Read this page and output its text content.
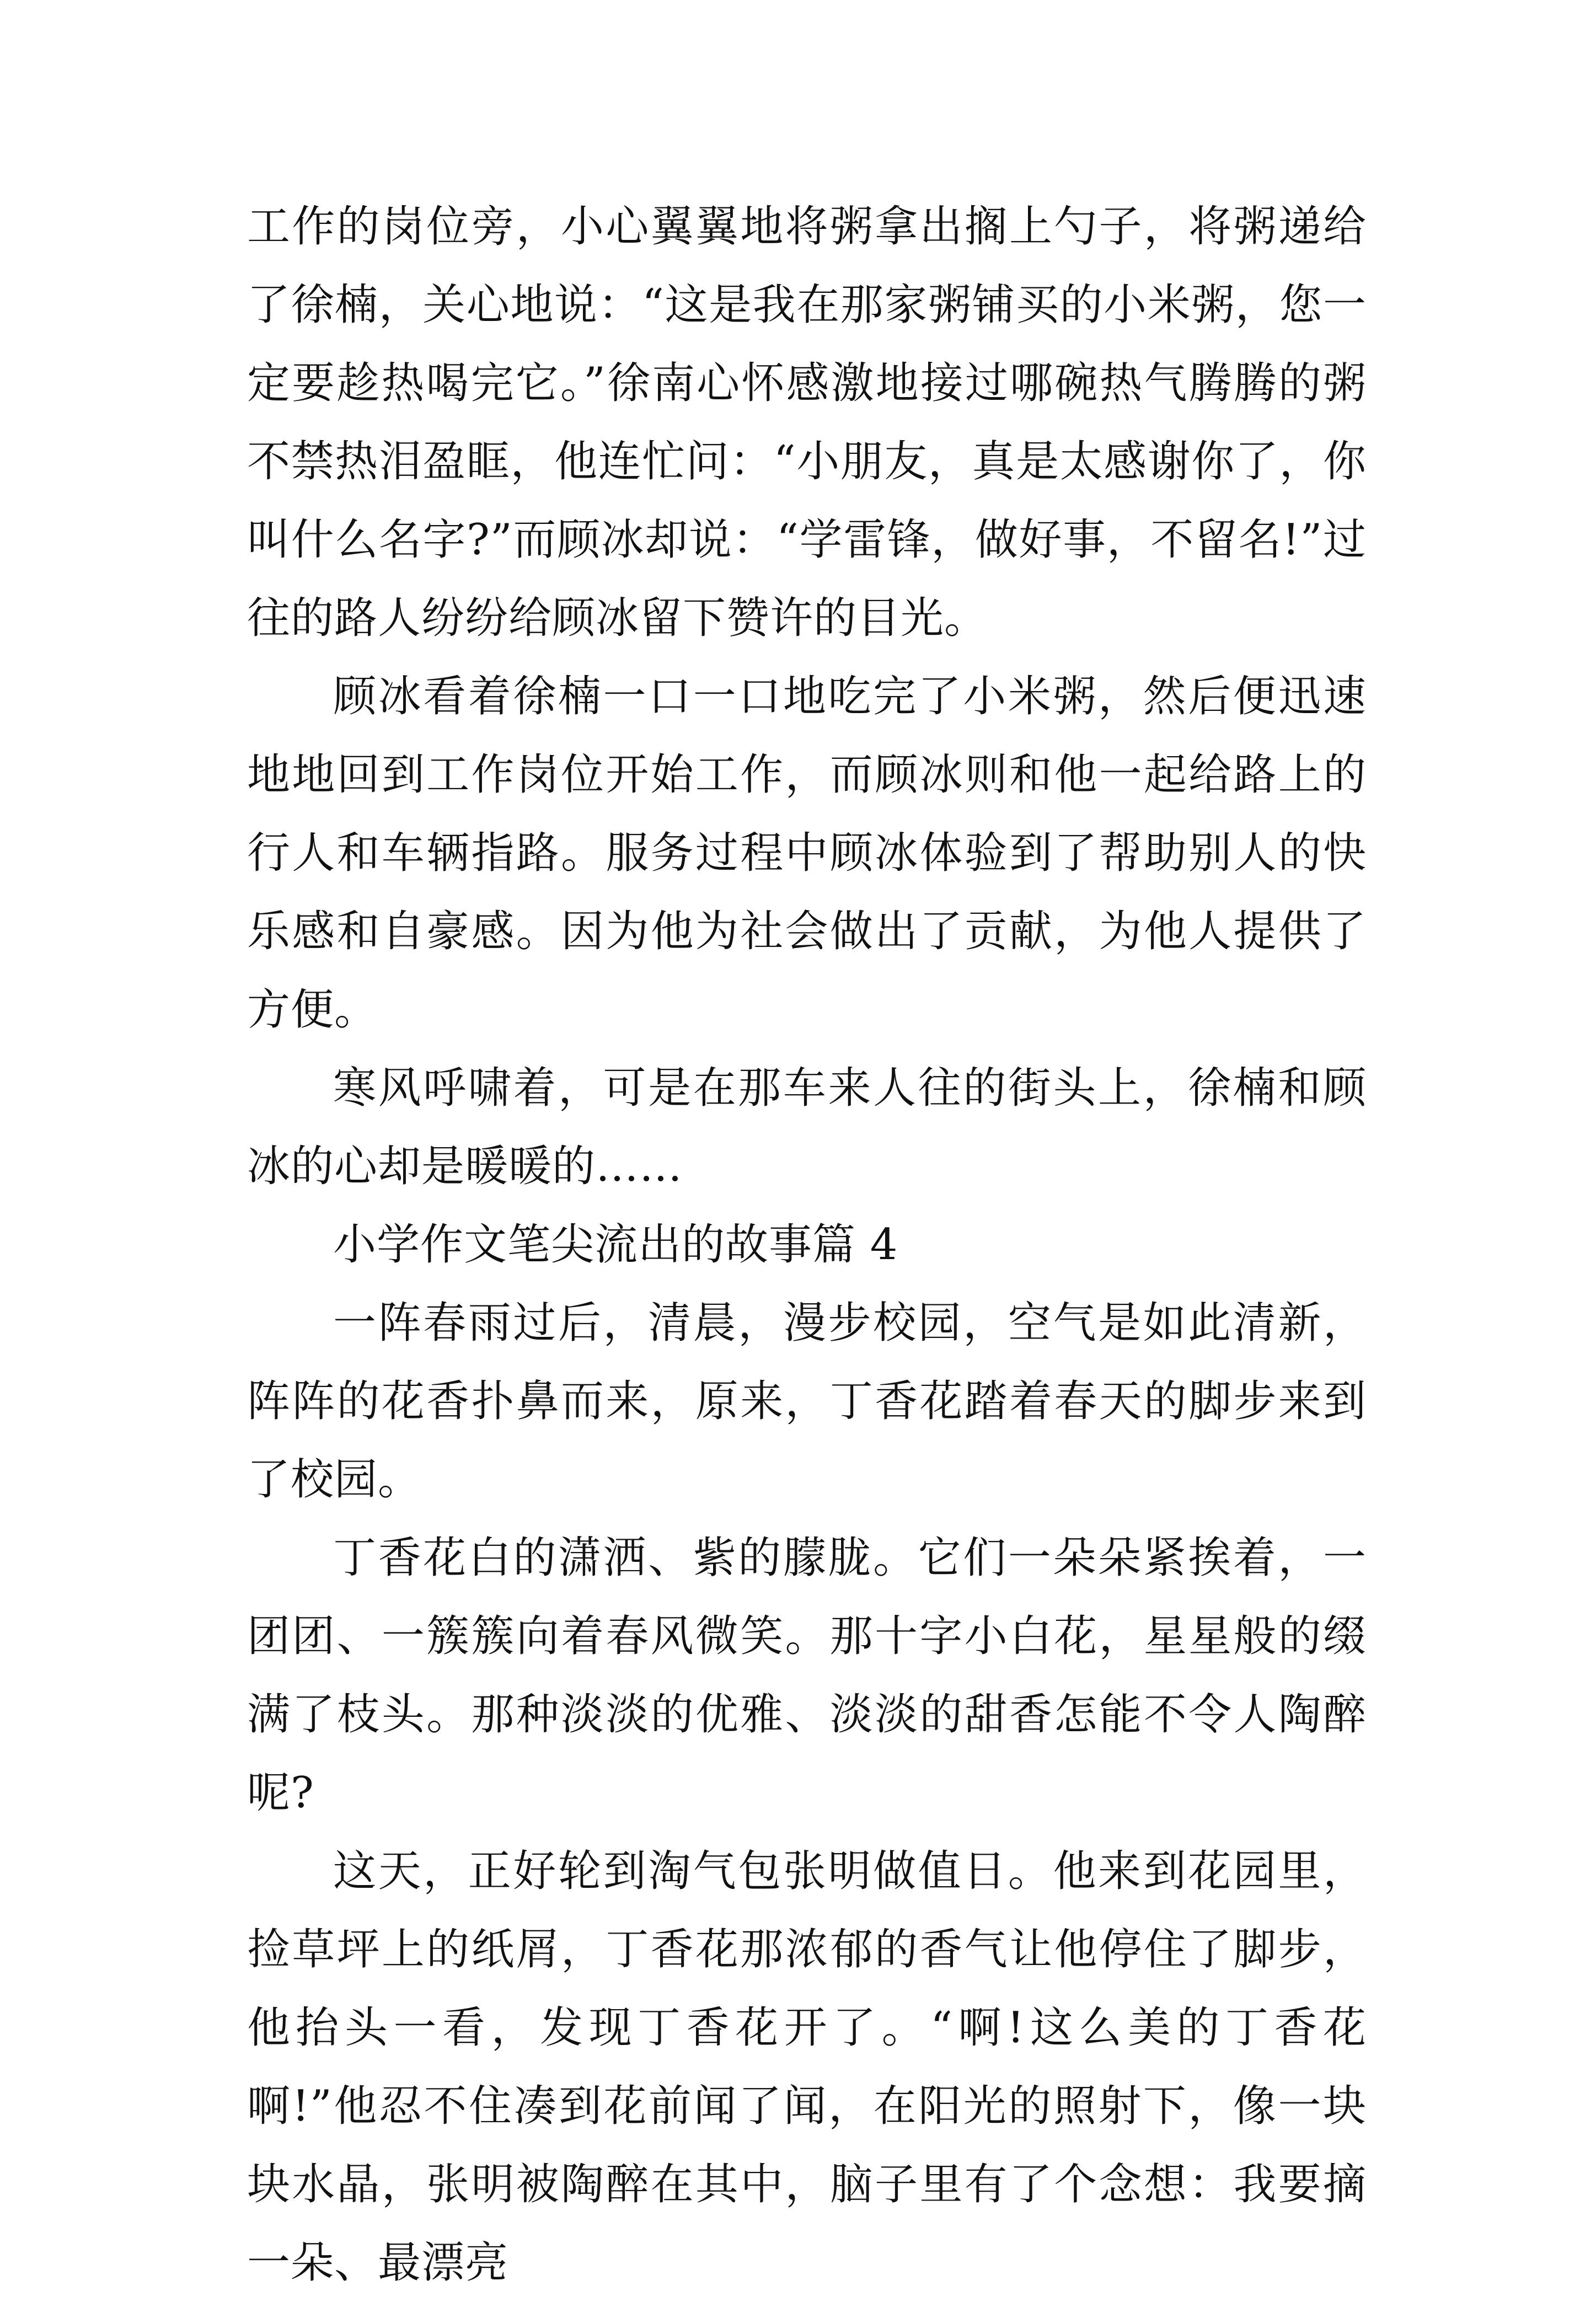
工作的岗位旁，小心翼翼地将粥拿出搁上勺子，将粥递给了徐楠，关心地说：“这是我在那家粥铺买的小米粥，您一定要趁热喝完它。”徐南心怀感激地接过哪碗热气腾腾的粥不禁热泪盈眶，他连忙问：“小朋友，真是太感谢你了，你叫什么名字?”而顾冰却说：“学雷锋，做好事，不留名!”过往的路人纷纷给顾冰留下赞许的目光。

顾冰看着徐楠一口一口地吃完了小米粥，然后便迅速地地回到工作岗位开始工作，而顾冰则和他一起给路上的行人和车辆指路。服务过程中顾冰体验到了帮助别人的快乐感和自豪感。因为他为社会做出了贡献，为他人提供了方便。

寒风呼啸着，可是在那车来人往的街头上，徐楠和顾冰的心却是暖暖的……

小学作文笔尖流出的故事篇 4

一阵春雨过后，清晨，漫步校园，空气是如此清新，阵阵的花香扑鼻而来，原来，丁香花踏着春天的脚步来到了校园。

丁香花白的潇洒、紫的朦胧。它们一朵朵紧挨着，一团团、一簇簇向着春风微笑。那十字小白花，星星般的缀满了枝头。那种淡淡的优雅、淡淡的甜香怎能不令人陶醉呢?

这天，正好轮到淘气包张明做值日。他来到花园里，捡草坪上的纸屑，丁香花那浓郁的香气让他停住了脚步，他抬头一看，发现丁香花开了。“啊!这么美的丁香花啊!”他忍不住凑到花前闻了闻，在阳光的照射下，像一块块水晶，张明被陶醉在其中，脑子里有了个念想：我要摘一朵、最漂亮
